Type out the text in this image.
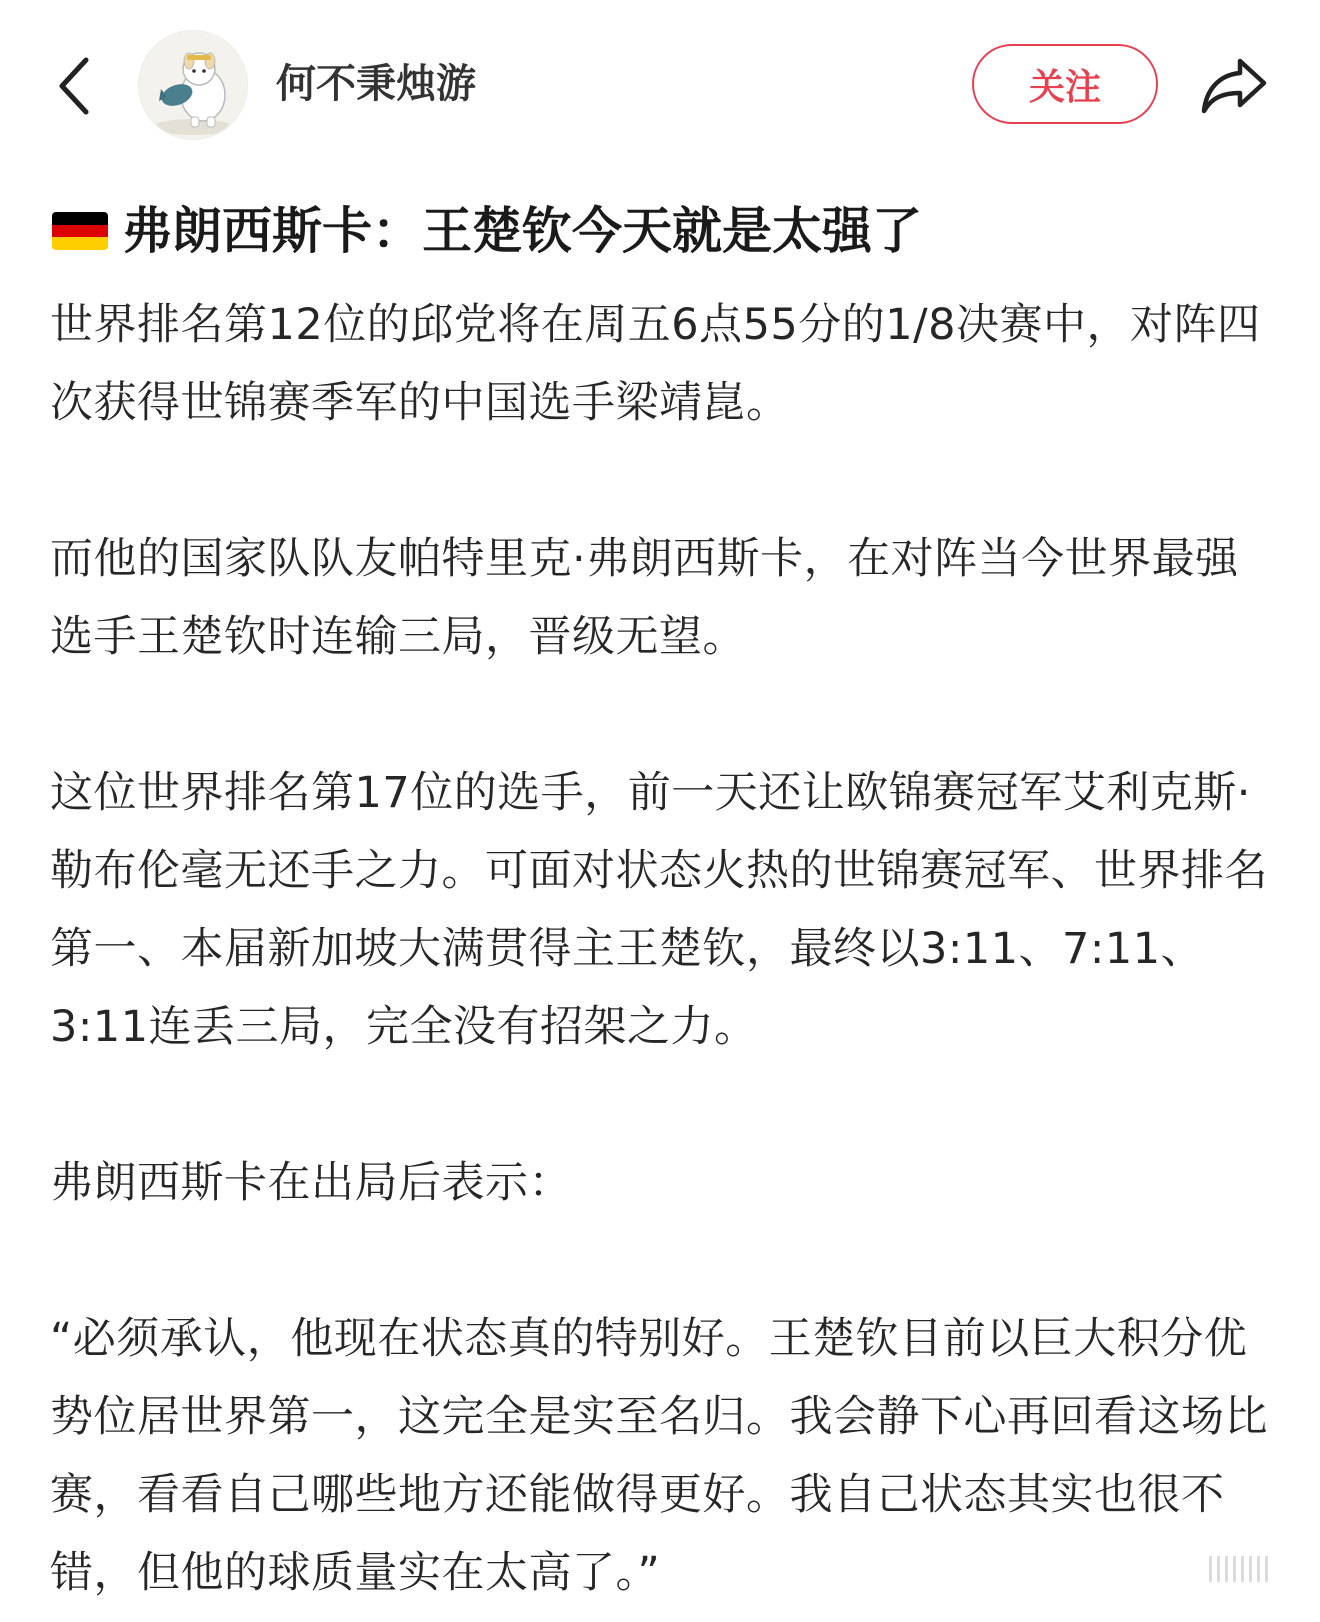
何不秉烛游	关注
弗朗西斯卡：王楚钦今天就是太强了

世界排名第12位的邱党将在周五6点55分的1/8决赛中，对阵四次获得世锦赛季军的中国选手梁靖崑。

而他的国家队队友帕特里克·弗朗西斯卡，在对阵当今世界最强选手王楚钦时连输三局，晋级无望。

这位世界排名第17位的选手，前一天还让欧锦赛冠军艾利克斯·勒布伦毫无还手之力。可面对状态火热的世锦赛冠军、世界排名第一、本届新加坡大满贯得主王楚钦，最终以3:11、7:11、3:11连丢三局，完全没有招架之力。

弗朗西斯卡在出局后表示：

“必须承认，他现在状态真的特别好。王楚钦目前以巨大积分优势位居世界第一，这完全是实至名归。我会静下心再回看这场比赛，看看自己哪些地方还能做得更好。我自己状态其实也很不错，但他的球质量实在太高了。”
